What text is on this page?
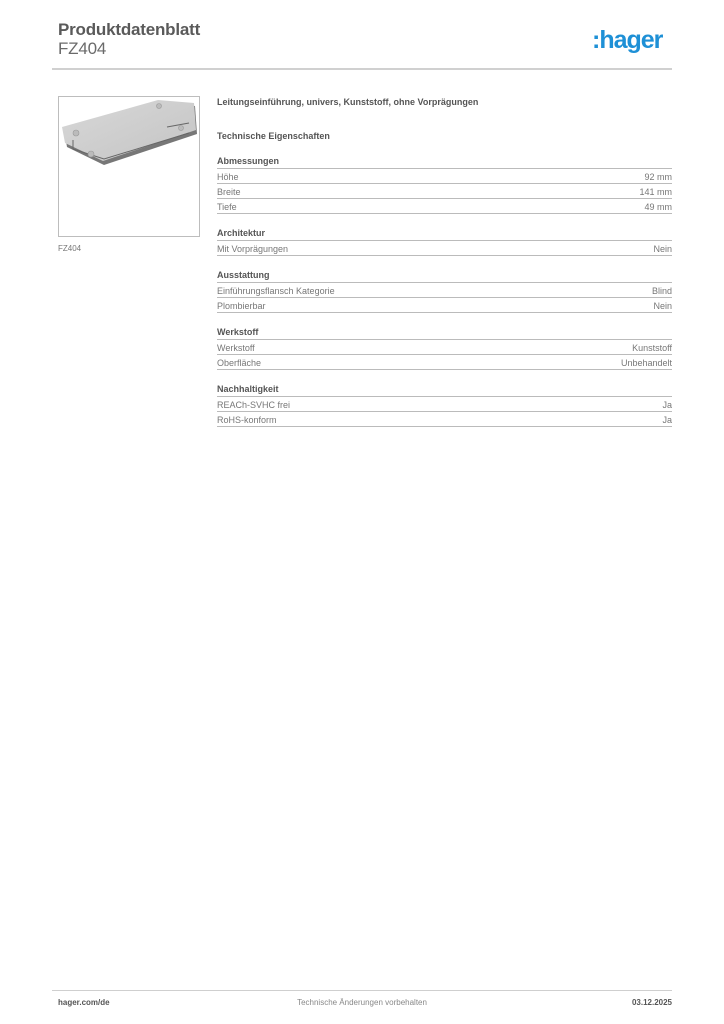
Produktdatenblatt
FZ404	:hager
FZ404
Leitungseinführung, univers, Kunststoff, ohne Vorprägungen
Technische Eigenschaften
Abmessungen
Höhe	92 mm
Breite	141 mm
Tiefe	49 mm
Architektur
Mit Vorprägungen	Nein
Ausstattung
Einführungsflansch Kategorie	Blind
Plombierbar	Nein
Werkstoff
Werkstoff	Kunststoff
Oberfläche	Unbehandelt
Nachhaltigkeit
REACh-SVHC frei	Ja
RoHS-konform	Ja
hager.com/de	Technische Änderungen vorbehalten	03.12.2025
